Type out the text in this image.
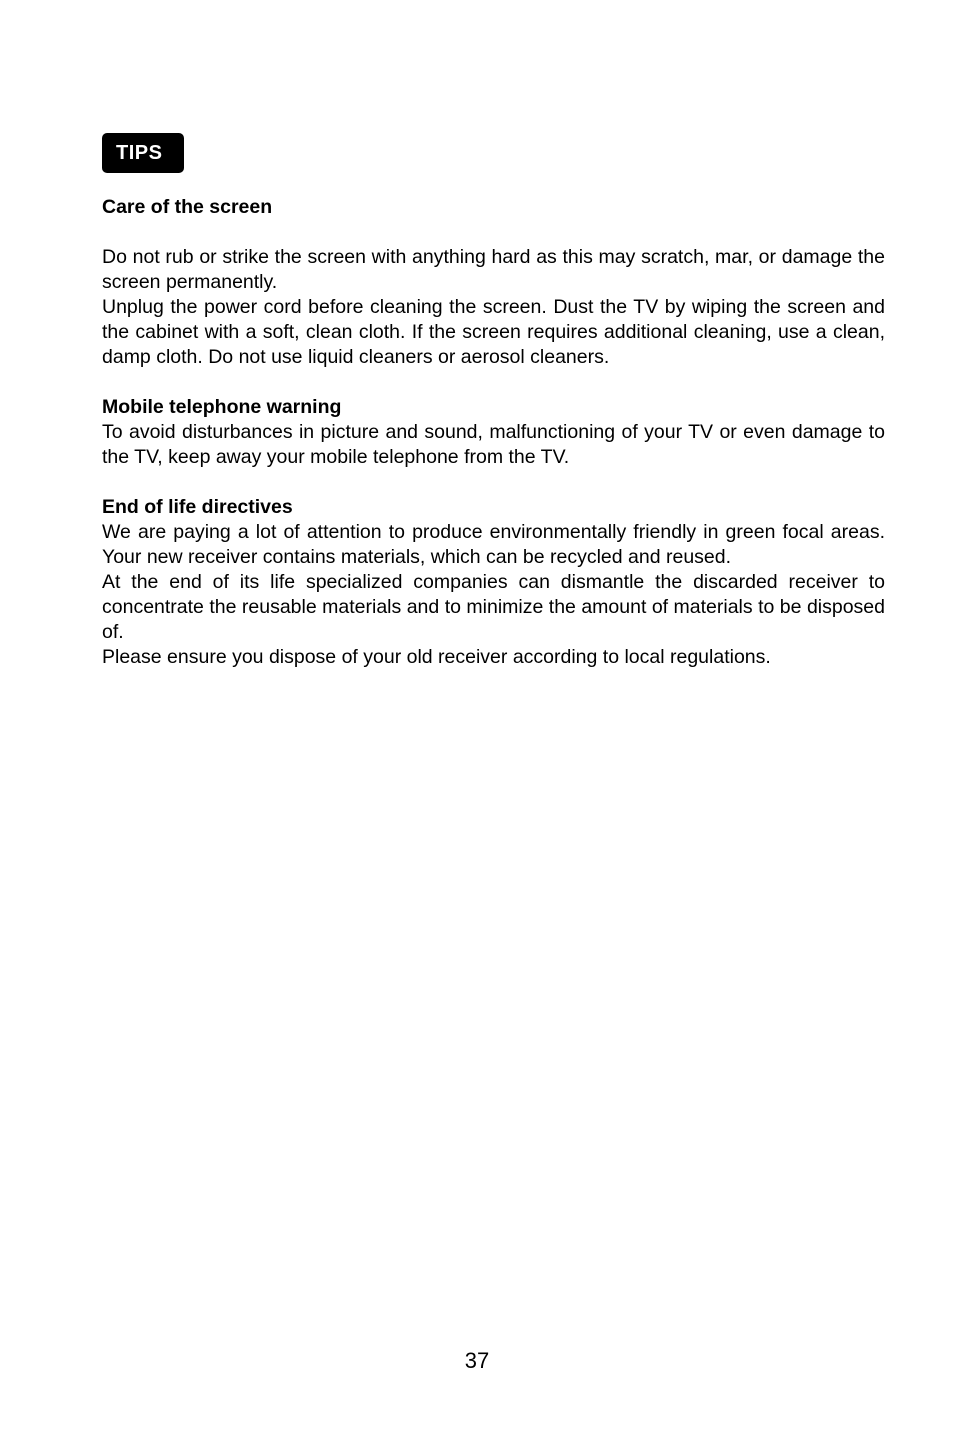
TIPS

Care of the screen

Do not rub or strike the screen with anything hard as this may scratch, mar, or damage the screen permanently.

Unplug the power cord before cleaning the screen. Dust the TV by wiping the screen and the cabinet with a soft, clean cloth. If the screen requires additional cleaning, use a clean, damp cloth. Do not use liquid cleaners or aerosol cleaners.

Mobile telephone warning

To avoid disturbances in picture and sound, malfunctioning of your TV or even damage to the TV, keep away your mobile telephone from the TV.

End of life directives

We are paying a lot of attention to produce environmentally friendly in green focal areas. Your new receiver contains materials, which can be recycled and reused.

At the end of its life specialized companies can dismantle the discarded receiver to concentrate the reusable materials and to minimize the amount of materials to be disposed of.

Please ensure you dispose of your old receiver according to local regulations.

37
